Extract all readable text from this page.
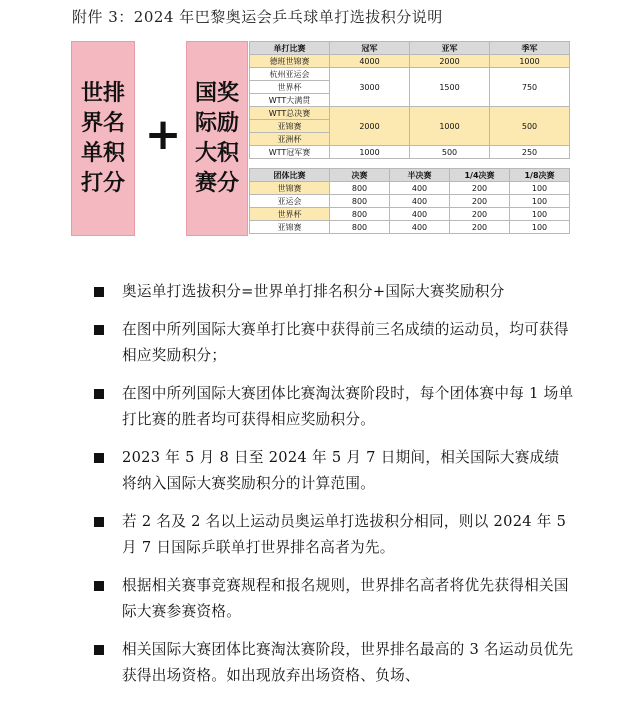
附件 3：2024 年巴黎奥运会乒乓球单打选拔积分说明
世排
界名
单积
打分
+
国奖
际励
大积
赛分
单打比赛	冠军	亚军	季军
德班世锦赛	4000	2000	1000
杭州亚运会	3000	1500	750
世界杯			
WTT大满贯			
WTT总决赛	2000	1000	500
亚锦赛			
亚洲杯			
WTT冠军赛	1000	500	250
团体比赛	决赛	半决赛	1/4决赛	1/8决赛
世锦赛	800	400	200	100
亚运会	800	400	200	100
世界杯	800	400	200	100
亚锦赛	800	400	200	100
奥运单打选拔积分=世界单打排名积分+国际大赛奖励积分
在图中所列国际大赛单打比赛中获得前三名成绩的运动员，均可获得相应奖励积分；
在图中所列国际大赛团体比赛淘汰赛阶段时，每个团体赛中每 1 场单打比赛的胜者均可获得相应奖励积分。
2023 年 5 月 8 日至 2024 年 5 月 7 日期间，相关国际大赛成绩将纳入国际大赛奖励积分的计算范围。
若 2 名及 2 名以上运动员奥运单打选拔积分相同，则以 2024 年 5 月 7 日国际乒联单打世界排名高者为先。
根据相关赛事竞赛规程和报名规则，世界排名高者将优先获得相关国际大赛参赛资格。
相关国际大赛团体比赛淘汰赛阶段，世界排名最高的 3 名运动员优先获得出场资格。如出现放弃出场资格、负场、
